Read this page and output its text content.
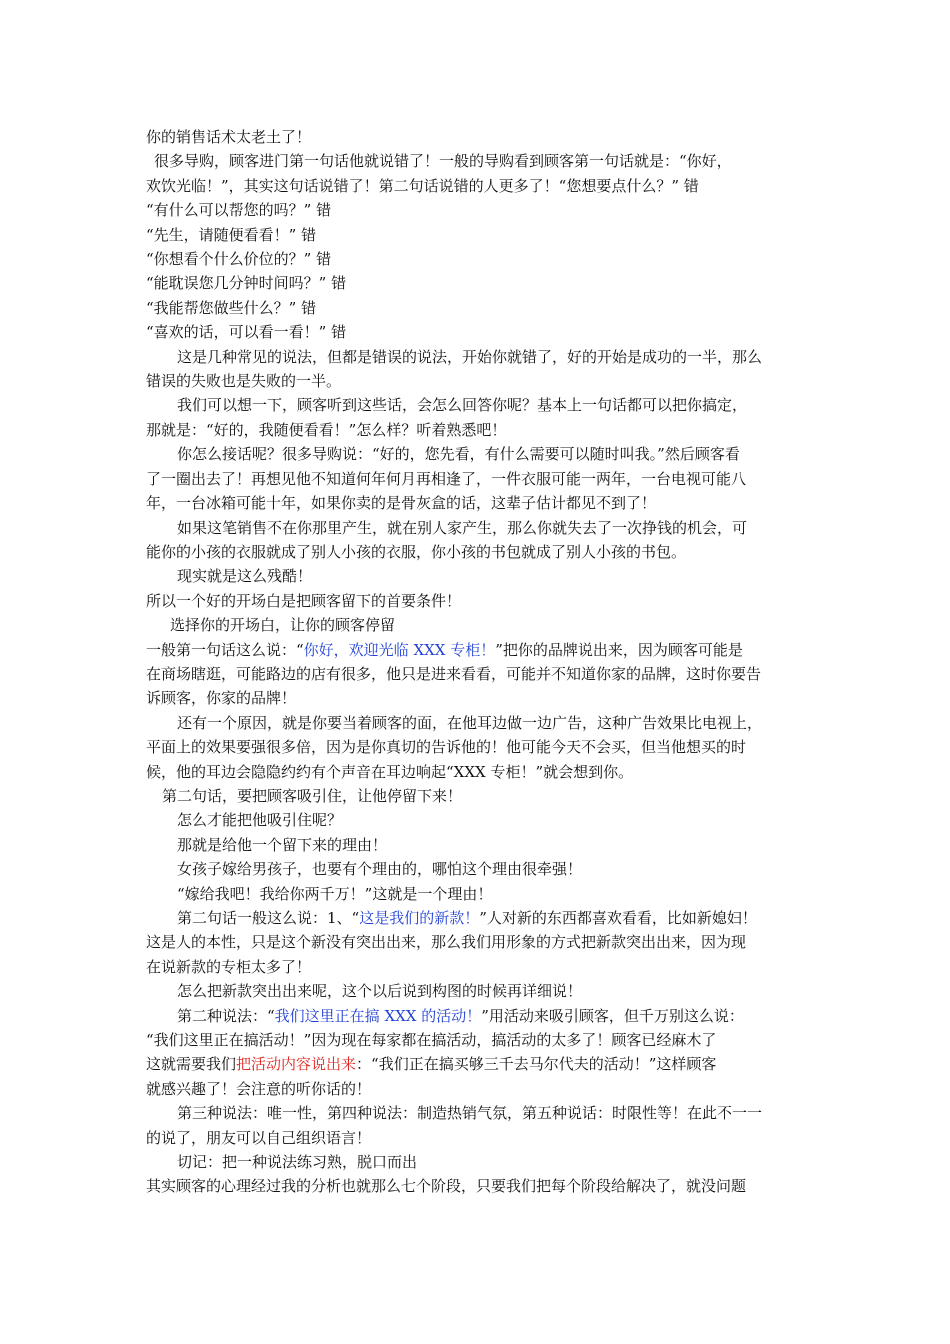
你的销售话术太老土了！

很多导购，顾客进门第一句话他就说错了！一般的导购看到顾客第一句话就是：“你好，

欢饮光临！”，其实这句话说错了！第二句话说错的人更多了！“您想要点什么？” 错

“有什么可以帮您的吗？” 错

“先生，请随便看看！” 错

“你想看个什么价位的？” 错

“能耽误您几分钟时间吗？” 错

“我能帮您做些什么？” 错

“喜欢的话，可以看一看！” 错

这是几种常见的说法，但都是错误的说法，开始你就错了，好的开始是成功的一半，那么

错误的失败也是失败的一半。

我们可以想一下，顾客听到这些话，会怎么回答你呢？基本上一句话都可以把你搞定，

那就是：“好的，我随便看看！”怎么样？听着熟悉吧！

你怎么接话呢？很多导购说：“好的，您先看，有什么需要可以随时叫我。”然后顾客看

了一圈出去了！再想见他不知道何年何月再相逢了，一件衣服可能一两年，一台电视可能八

年，一台冰箱可能十年，如果你卖的是骨灰盒的话，这辈子估计都见不到了！

如果这笔销售不在你那里产生，就在别人家产生，那么你就失去了一次挣钱的机会，可

能你的小孩的衣服就成了别人小孩的衣服，你小孩的书包就成了别人小孩的书包。

现实就是这么残酷！

所以一个好的开场白是把顾客留下的首要条件！

选择你的开场白，让你的顾客停留

一般第一句话这么说：“你好，欢迎光临 XXX 专柜！”把你的品牌说出来，因为顾客可能是

在商场瞎逛，可能路边的店有很多，他只是进来看看，可能并不知道你家的品牌，这时你要告

诉顾客，你家的品牌！

还有一个原因，就是你要当着顾客的面，在他耳边做一边广告，这种广告效果比电视上，

平面上的效果要强很多倍，因为是你真切的告诉他的！他可能今天不会买，但当他想买的时

候，他的耳边会隐隐约约有个声音在耳边响起“XXX 专柜！”就会想到你。

第二句话，要把顾客吸引住，让他停留下来！

怎么才能把他吸引住呢？

那就是给他一个留下来的理由！

女孩子嫁给男孩子，也要有个理由的，哪怕这个理由很牵强！

“嫁给我吧！我给你两千万！”这就是一个理由！

第二句话一般这么说：1、“这是我们的新款！”人对新的东西都喜欢看看，比如新媳妇！

这是人的本性，只是这个新没有突出出来，那么我们用形象的方式把新款突出出来，因为现

在说新款的专柜太多了！

怎么把新款突出出来呢，这个以后说到构图的时候再详细说！

第二种说法：“我们这里正在搞 XXX 的活动！”用活动来吸引顾客，但千万别这么说：

“我们这里正在搞活动！”因为现在每家都在搞活动，搞活动的太多了！顾客已经麻木了

这就需要我们把活动内容说出来：“我们正在搞买够三千去马尔代夫的活动！”这样顾客

就感兴趣了！会注意的听你话的！

第三种说法：唯一性，第四种说法：制造热销气氛，第五种说话：时限性等！在此不一一

的说了，朋友可以自己组织语言！

切记：把一种说法练习熟，脱口而出

其实顾客的心理经过我的分析也就那么七个阶段，只要我们把每个阶段给解决了，就没问题
